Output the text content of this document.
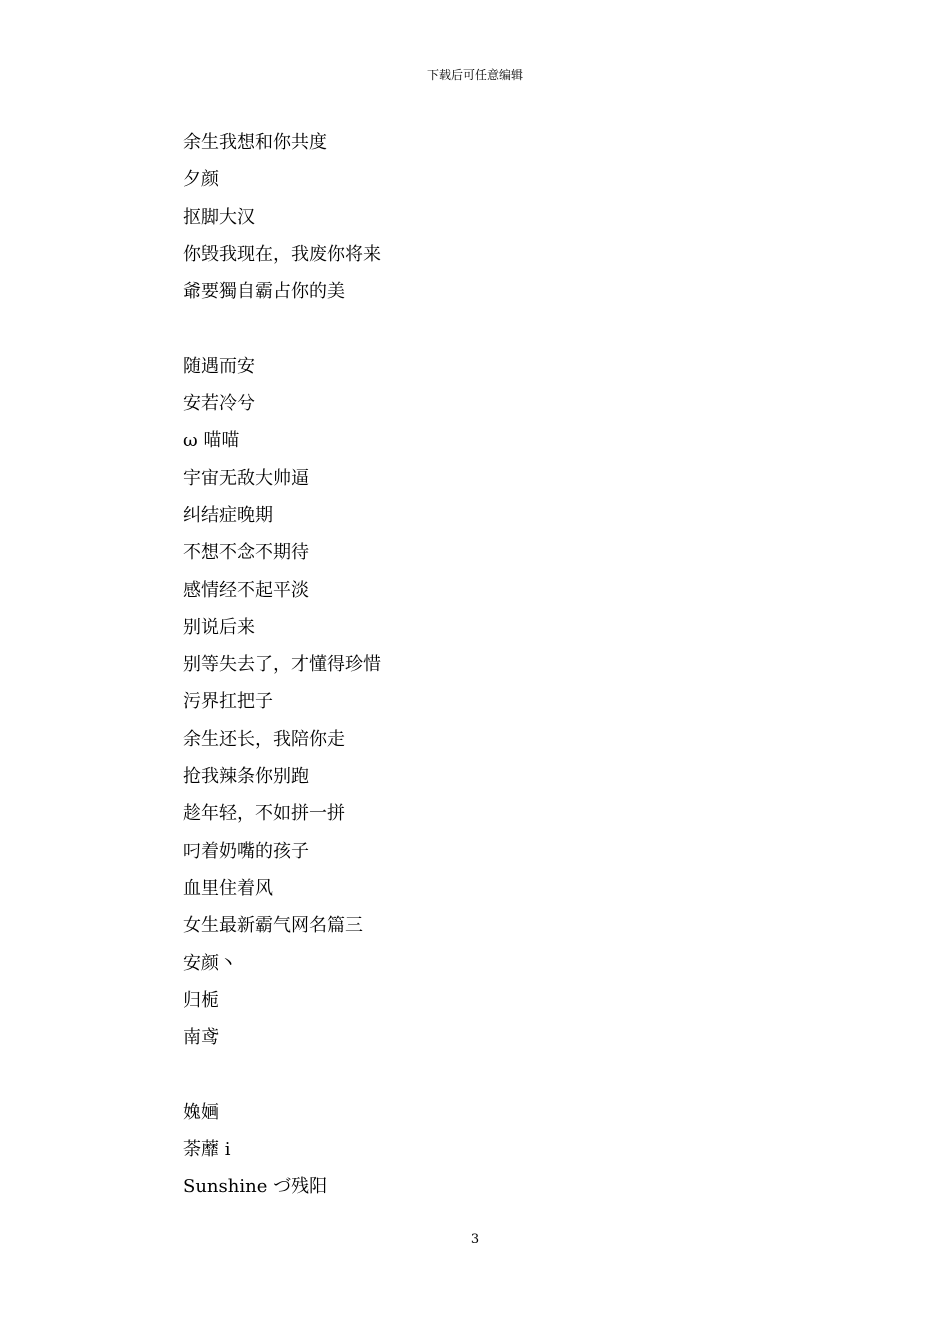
下载后可任意编辑
余生我想和你共度
夕颜
抠脚大汉
你毁我现在，我废你将来
爺要獨自霸占你的美
随遇而安
安若冷兮
ω 喵喵
宇宙无敌大帅逼
纠结症晚期
不想不念不期待
感情经不起平淡
别说后来
别等失去了，才懂得珍惜
污界扛把子
余生还长，我陪你走
抢我辣条你别跑
趁年轻，不如拼一拼
叼着奶嘴的孩子
血里住着风
女生最新霸气网名篇三
安颜丶
归栀
南鸢
婏婳
荼蘼 i
Sunshine づ残阳
3
